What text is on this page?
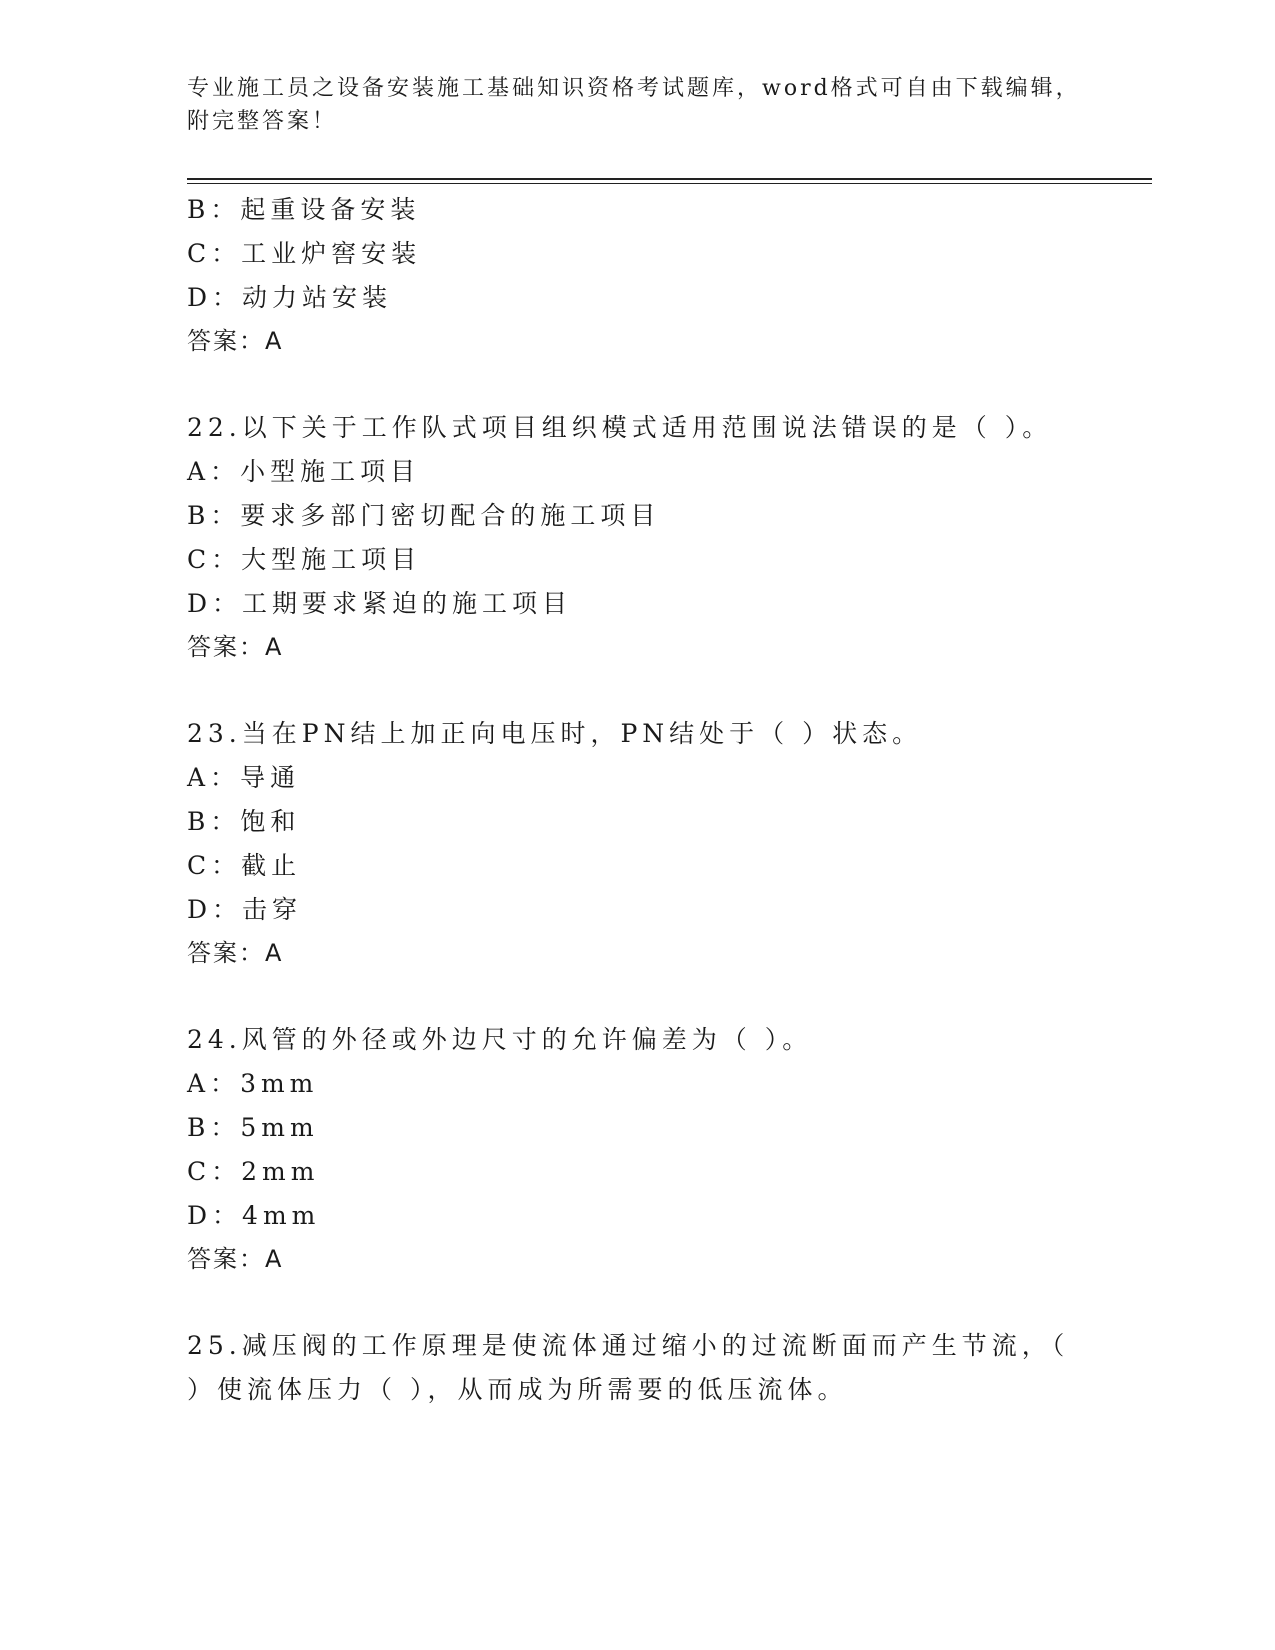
专业施工员之设备安装施工基础知识资格考试题库，word格式可自由下载编辑，
附完整答案！
B：起重设备安装
C：工业炉窖安装
D：动力站安装
答案：A
22.以下关于工作队式项目组织模式适用范围说法错误的是（ ）。
A：小型施工项目
B：要求多部门密切配合的施工项目
C：大型施工项目
D：工期要求紧迫的施工项目
答案：A
23.当在PN结上加正向电压时，PN结处于（ ）状态。
A：导通
B：饱和
C：截止
D：击穿
答案：A
24.风管的外径或外边尺寸的允许偏差为（ ）。
A：3mm
B：5mm
C：2mm
D：4mm
答案：A
25.减压阀的工作原理是使流体通过缩小的过流断面而产生节流，（
）使流体压力（ ），从而成为所需要的低压流体。
